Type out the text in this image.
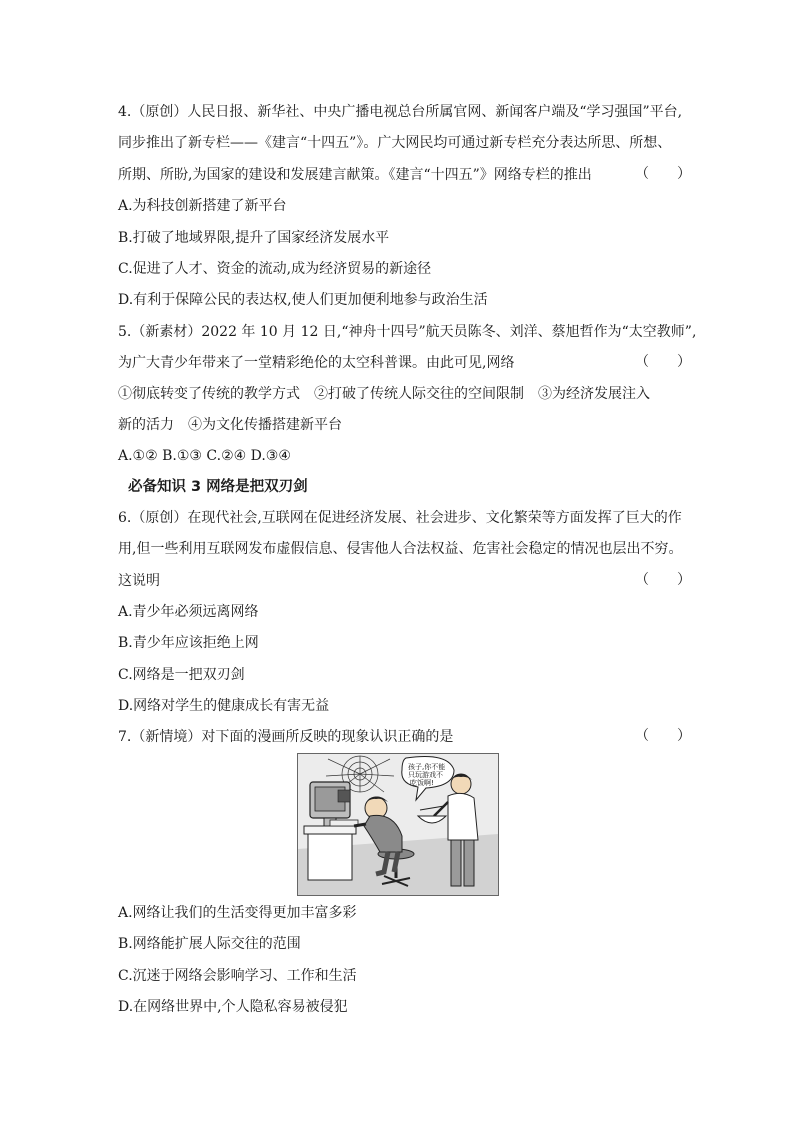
4.（原创）人民日报、新华社、中央广播电视总台所属官网、新闻客户端及“学习强国”平台,
同步推出了新专栏——《建言“十四五”》。广大网民均可通过新专栏充分表达所思、所想、
所期、所盼,为国家的建设和发展建言献策。《建言“十四五”》网络专栏的推出	（　　）
A.为科技创新搭建了新平台
B.打破了地域界限,提升了国家经济发展水平
C.促进了人才、资金的流动,成为经济贸易的新途径
D.有利于保障公民的表达权,使人们更加便利地参与政治生活
5.（新素材）2022 年 10 月 12 日,“神舟十四号”航天员陈冬、刘洋、蔡旭哲作为“太空教师”,
为广大青少年带来了一堂精彩绝伦的太空科普课。由此可见,网络	（　　）
①彻底转变了传统的教学方式　②打破了传统人际交往的空间限制　③为经济发展注入
新的活力　④为文化传播搭建新平台
A.①② B.①③ C.②④ D.③④
必备知识 3 网络是把双刃剑
6.（原创）在现代社会,互联网在促进经济发展、社会进步、文化繁荣等方面发挥了巨大的作
用,但一些利用互联网发布虚假信息、侵害他人合法权益、危害社会稳定的情况也层出不穷。
这说明	（　　）
A.青少年必须远离网络
B.青少年应该拒绝上网
C.网络是一把双刃剑
D.网络对学生的健康成长有害无益
7.（新情境）对下面的漫画所反映的现象认识正确的是	（　　）
孩子,你不能
只玩游戏不
吃饭啊!
A.网络让我们的生活变得更加丰富多彩
B.网络能扩展人际交往的范围
C.沉迷于网络会影响学习、工作和生活
D.在网络世界中,个人隐私容易被侵犯
